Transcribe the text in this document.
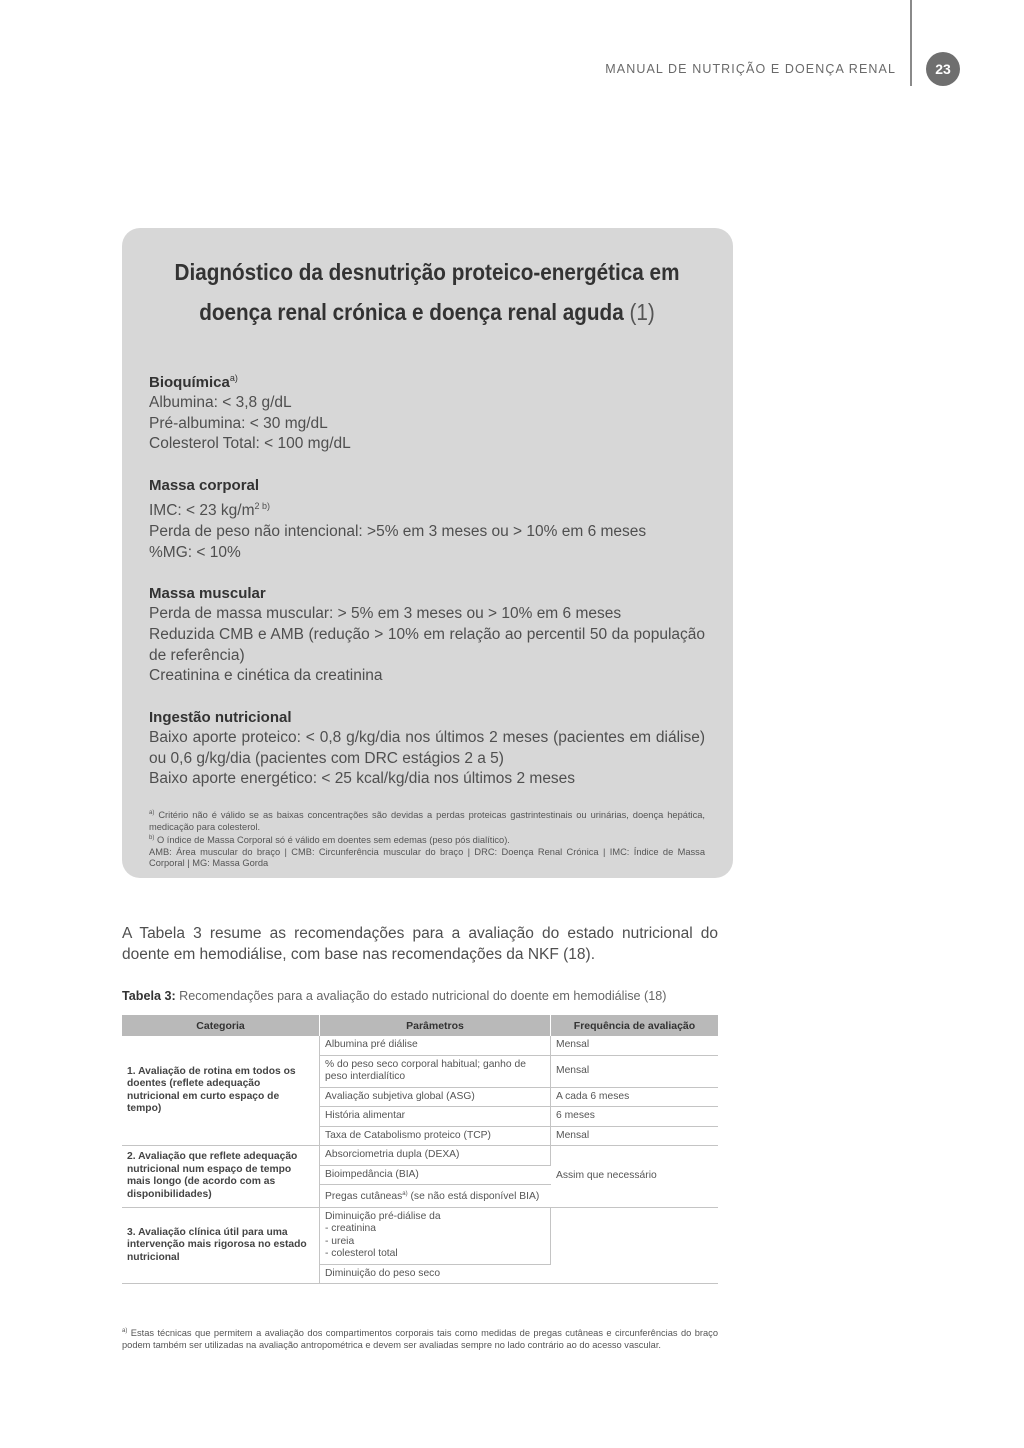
MANUAL DE NUTRIÇÃO E DOENÇA RENAL	23
Diagnóstico da desnutrição proteico-energética em
doença renal crónica e doença renal aguda (1)
Bioquímica$^{a)}$
Albumina: < 3,8 g/dL
Pré-albumina: < 30 mg/dL
Colesterol Total: < 100 mg/dL
Massa corporal
IMC: < 23 $kg/m^{2 b)}$
Perda de peso não intencional: >5% em 3 meses ou > 10% em 6 meses
%MG: < 10%
Massa muscular
Perda de massa muscular: > 5% em 3 meses ou > 10% em 6 meses
Reduzida CMB e AMB (redução > 10% em relação ao percentil 50 da população de referência)
Creatinina e cinética da creatinina
Ingestão nutricional
Baixo aporte proteico: < 0,8 g/kg/dia nos últimos 2 meses (pacientes em diálise) ou 0,6 g/kg/dia (pacientes com DRC estágios 2 a 5)
Baixo aporte energético: < 25 kcal/kg/dia nos últimos 2 meses
$^{a)}$ Critério não é válido se as baixas concentrações são devidas a perdas proteicas gastrintestinais ou urinárias, doença hepática, medicação para colesterol.
$^{b)}$ O índice de Massa Corporal só é válido em doentes sem edemas (peso pós dialítico).
AMB: Área muscular do braço | CMB: Circunferência muscular do braço | DRC: Doença Renal Crónica | IMC: Índice de Massa Corporal | MG: Massa Gorda
A Tabela 3 resume as recomendações para a avaliação do estado nutricional do doente em hemodiálise, com base nas recomendações da NKF (18).
Tabela 3: Recomendações para a avaliação do estado nutricional do doente em hemodiálise (18)
Categoria	Parâmetros	Frequência de avaliação
1. Avaliação de rotina em todos os doentes (reflete adequação nutricional em curto espaço de tempo)	Albumina pré diálise	Mensal
	% do peso seco corporal habitual; ganho de peso interdialítico	Mensal
	Avaliação subjetiva global (ASG)	A cada 6 meses
	História alimentar	6 meses
	Taxa de Catabolismo proteico (TCP)	Mensal
2. Avaliação que reflete adequação nutricional num espaço de tempo mais longo (de acordo com as disponibilidades)	Absorciometria dupla (DEXA)	Assim que necessário
	Bioimpedância (BIA)	
	Pregas cutâneas$^{a)}$ (se não está disponível BIA)	
3. Avaliação clínica útil para uma intervenção mais rigorosa no estado nutricional	Diminuição pré-diálise da
- creatinina
- ureia
- colesterol total	
	Diminuição do peso seco	
$^{a)}$ Estas técnicas que permitem a avaliação dos compartimentos corporais tais como medidas de pregas cutâneas e circunferências do braço podem também ser utilizadas na avaliação antropométrica e devem ser avaliadas sempre no lado contrário ao do acesso vascular.
